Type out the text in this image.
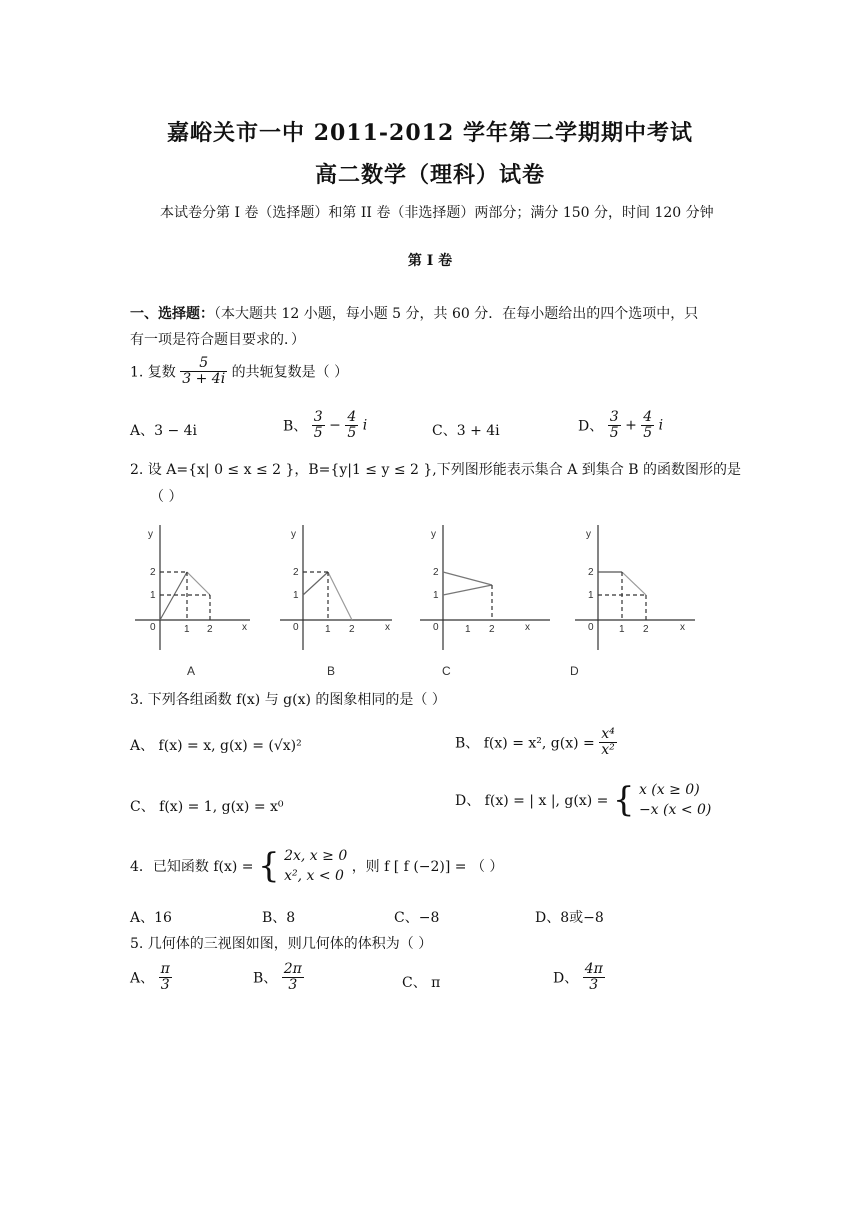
嘉峪关市一中 2011-2012 学年第二学期期中考试
高二数学（理科）试卷
本试卷分第 I 卷（选择题）和第 II 卷（非选择题）两部分；满分 150 分，时间 120 分钟
第 I 卷
一、选择题：（本大题共 12 小题，每小题 5 分，共 60 分．在每小题给出的四个选项中，只
有一项是符合题目要求的．）
1. 复数 $\frac{5}{3 + 4i}$ 的共轭复数是（ ）
A、3 − 4i	B、 $\frac{3}{5} - \frac{4}{5}$ i	C、3 + 4i	D、 $\frac{3}{5} + \frac{4}{5}$ i
2. 设 A={x| 0 ≤ x ≤ 2 }，B={y|1 ≤ y ≤ 2 },下列图形能表示集合 A 到集合 B 的函数图形的是
（ ）
y
x
0	1 2
2
1
A
y
x
0	1 2
2
1
B
y
x
0	1 2
2
1
C
y
x
0	1 2
2
1
D
3. 下列各组函数 f(x) 与 g(x) 的图象相同的是（ ）
A、 f(x) = x, g(x) = (√x)²	B、 f(x) = x², $g(x) = \frac{\text{x⁴}}{\text{x²}}$
C、 f(x) = 1, g(x) = x⁰	D、 f(x) = | x |, g(x) = { x (x ≥ 0)
−x (x < 0)
4．已知函数 f(x) = { 2x, x ≥ 0
x², x < 0
，则 f [ f (−2)] = （ ）
A、16	B、8	C、−8	D、8或−8
5. 几何体的三视图如图，则几何体的体积为（ ）
A、 $\frac{\pi}{3}$	B、 $\frac{2\pi}{3}$	C、 π	D、 $\frac{4\pi}{3}$
